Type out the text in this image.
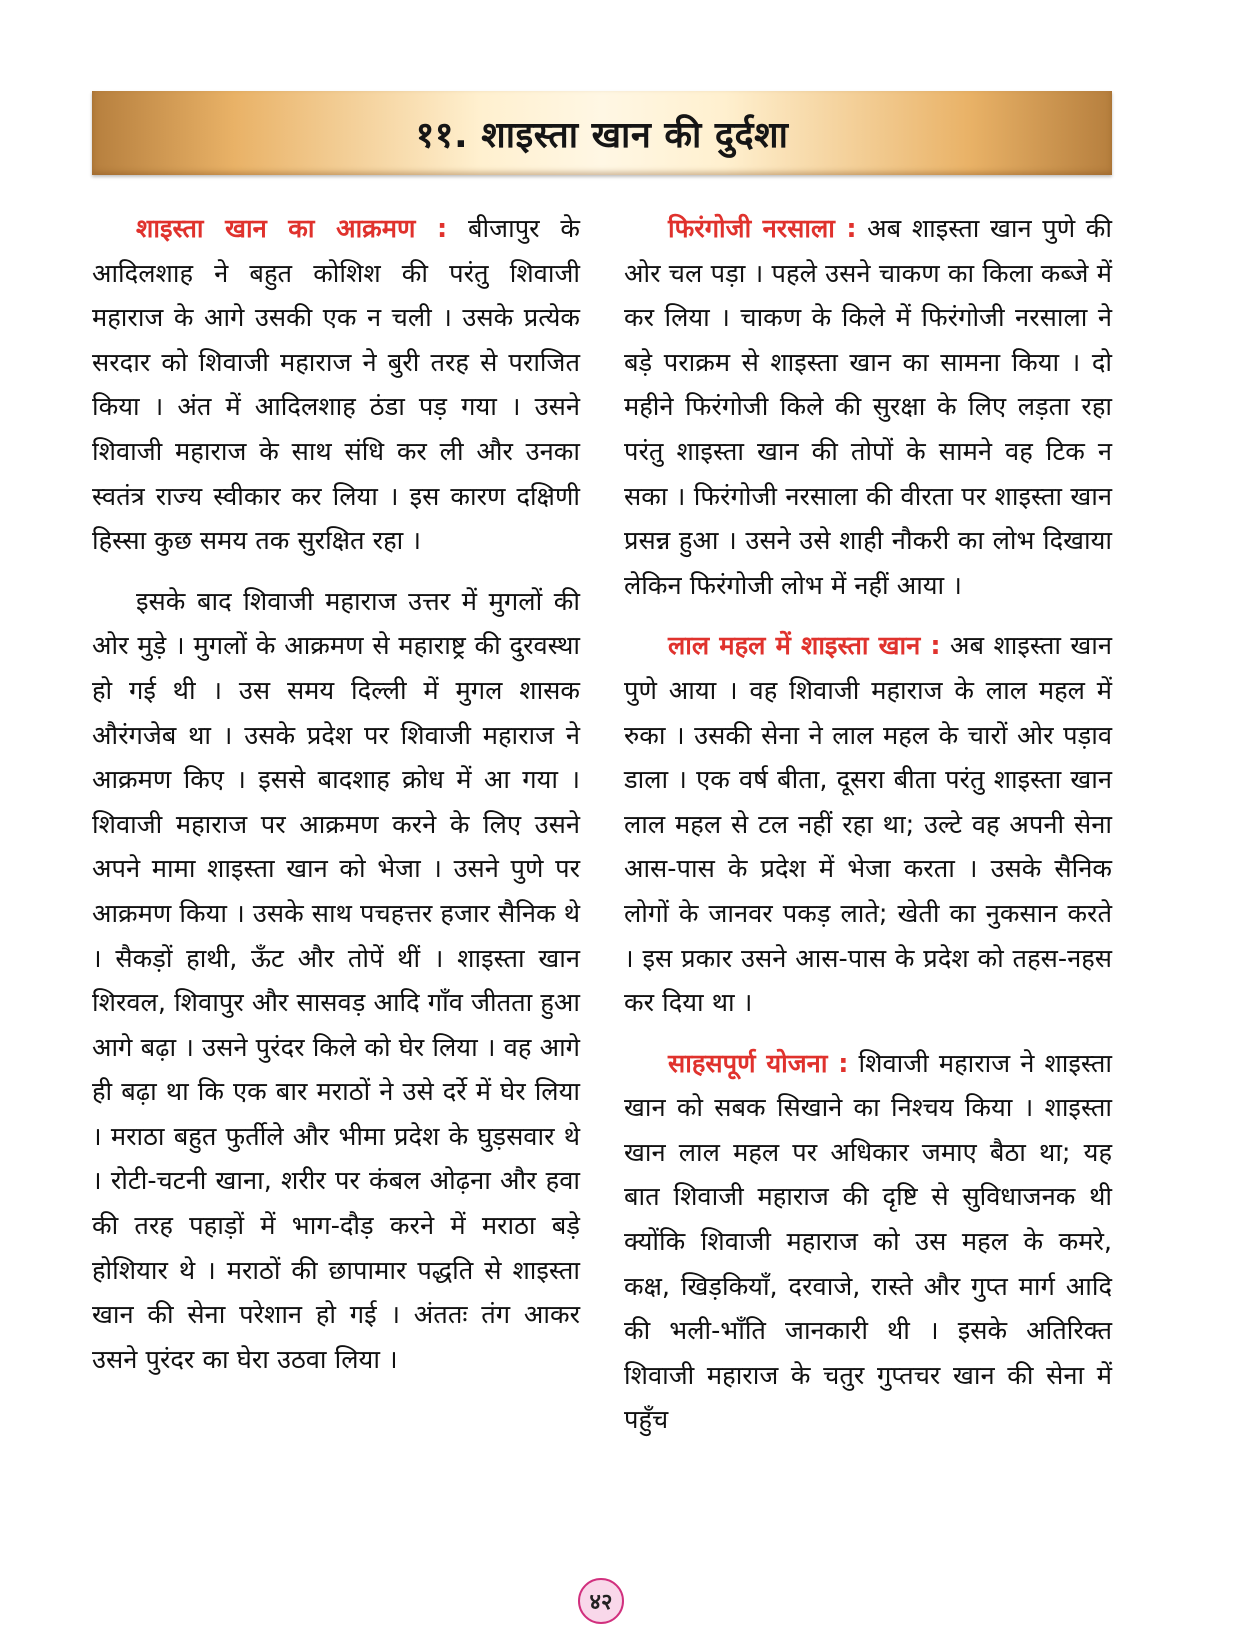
११. शाइस्ता खान की दुर्दशा

शाइस्ता खान का आक्रमण : बीजापुर के आदिलशाह ने बहुत कोशिश की परंतु शिवाजी महाराज के आगे उसकी एक न चली । उसके प्रत्येक सरदार को शिवाजी महाराज ने बुरी तरह से पराजित किया । अंत में आदिलशाह ठंडा पड़ गया । उसने शिवाजी महाराज के साथ संधि कर ली और उनका स्वतंत्र राज्य स्वीकार कर लिया । इस कारण दक्षिणी हिस्सा कुछ समय तक सुरक्षित रहा ।

इसके बाद शिवाजी महाराज उत्तर में मुगलों की ओर मुड़े । मुगलों के आक्रमण से महाराष्ट्र की दुरवस्था हो गई थी । उस समय दिल्ली में मुगल शासक औरंगजेब था । उसके प्रदेश पर शिवाजी महाराज ने आक्रमण किए । इससे बादशाह क्रोध में आ गया । शिवाजी महाराज पर आक्रमण करने के लिए उसने अपने मामा शाइस्ता खान को भेजा । उसने पुणे पर आक्रमण किया । उसके साथ पचहत्तर हजार सैनिक थे । सैकड़ों हाथी, ऊँट और तोपें थीं । शाइस्ता खान शिरवल, शिवापुर और सासवड़ आदि गाँव जीतता हुआ आगे बढ़ा । उसने पुरंदर किले को घेर लिया । वह आगे ही बढ़ा था कि एक बार मराठों ने उसे दर्रे में घेर लिया । मराठा बहुत फुर्तीले और भीमा प्रदेश के घुड़सवार थे । रोटी-चटनी खाना, शरीर पर कंबल ओढ़ना और हवा की तरह पहाड़ों में भाग-दौड़ करने में मराठा बड़े होशियार थे । मराठों की छापामार पद्धति से शाइस्ता खान की सेना परेशान हो गई । अंततः तंग आकर उसने पुरंदर का घेरा उठवा लिया ।

फिरंगोजी नरसाला : अब शाइस्ता खान पुणे की ओर चल पड़ा । पहले उसने चाकण का किला कब्जे में कर लिया । चाकण के किले में फिरंगोजी नरसाला ने बड़े पराक्रम से शाइस्ता खान का सामना किया । दो महीने फिरंगोजी किले की सुरक्षा के लिए लड़ता रहा परंतु शाइस्ता खान की तोपों के सामने वह टिक न सका । फिरंगोजी नरसाला की वीरता पर शाइस्ता खान प्रसन्न हुआ । उसने उसे शाही नौकरी का लोभ दिखाया लेकिन फिरंगोजी लोभ में नहीं आया ।

लाल महल में शाइस्ता खान : अब शाइस्ता खान पुणे आया । वह शिवाजी महाराज के लाल महल में रुका । उसकी सेना ने लाल महल के चारों ओर पड़ाव डाला । एक वर्ष बीता, दूसरा बीता परंतु शाइस्ता खान लाल महल से टल नहीं रहा था; उल्टे वह अपनी सेना आस-पास के प्रदेश में भेजा करता । उसके सैनिक लोगों के जानवर पकड़ लाते; खेती का नुकसान करते । इस प्रकार उसने आस-पास के प्रदेश को तहस-नहस कर दिया था ।

साहसपूर्ण योजना : शिवाजी महाराज ने शाइस्ता खान को सबक सिखाने का निश्चय किया । शाइस्ता खान लाल महल पर अधिकार जमाए बैठा था; यह बात शिवाजी महाराज की दृष्टि से सुविधाजनक थी क्योंकि शिवाजी महाराज को उस महल के कमरे, कक्ष, खिड़कियाँ, दरवाजे, रास्ते और गुप्त मार्ग आदि की भली-भाँति जानकारी थी । इसके अतिरिक्त शिवाजी महाराज के चतुर गुप्तचर खान की सेना में पहुँच

४२
